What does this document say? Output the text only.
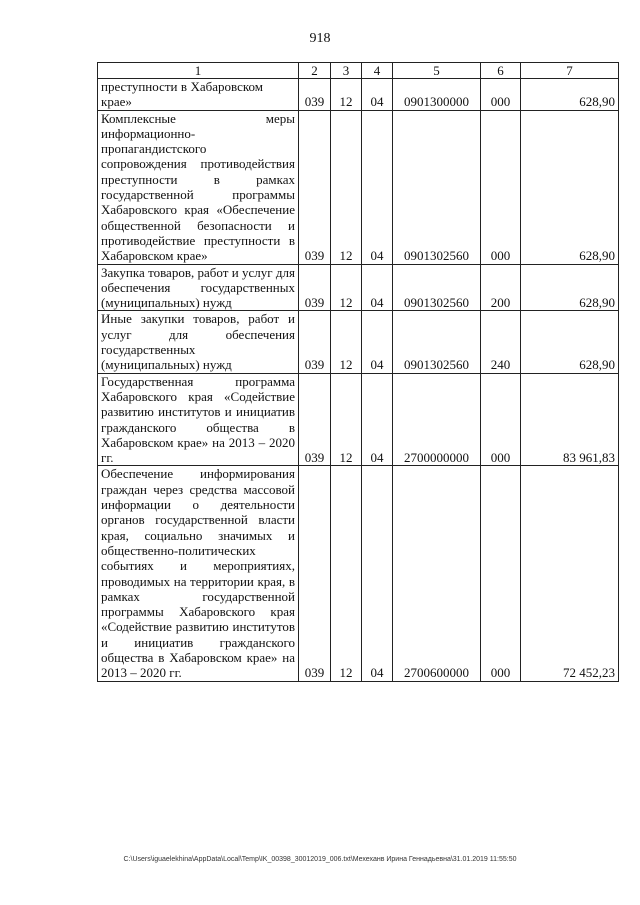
918
1	2	3	4	5	6	7

преступности в Хабаровском крае»	039	12	04	0901300000	000	628,90
Комплексные меры информационно-пропагандистского сопровождения противодействия преступности в рамках государственной программы Хабаровского края «Обеспечение общественной безопасности и противодействие преступности в Хабаровском крае»	039	12	04	0901302560	000	628,90
Закупка товаров, работ и услуг для обеспечения государственных (муниципальных) нужд	039	12	04	0901302560	200	628,90
Иные закупки товаров, работ и услуг для обеспечения государственных (муниципальных) нужд	039	12	04	0901302560	240	628,90
Государственная программа Хабаровского края «Содействие развитию институтов и инициатив гражданского общества в Хабаровском крае» на 2013 – 2020 гг.	039	12	04	2700000000	000	83 961,83
Обеспечение информирования граждан через средства массовой информации о деятельности органов государственной власти края, социально значимых и общественно-политических событиях и мероприятиях, проводимых на территории края, в рамках государственной программы Хабаровского края «Содействие развитию институтов и инициатив гражданского общества в Хабаровском крае» на 2013 – 2020 гг.	039	12	04	2700600000	000	72 452,23
C:\Users\iguaelekhina\AppData\Local\Temp\IK_00398_30012019_006.txt\Мехеханв Ирина Геннадьевна\31.01.2019 11:55:50
